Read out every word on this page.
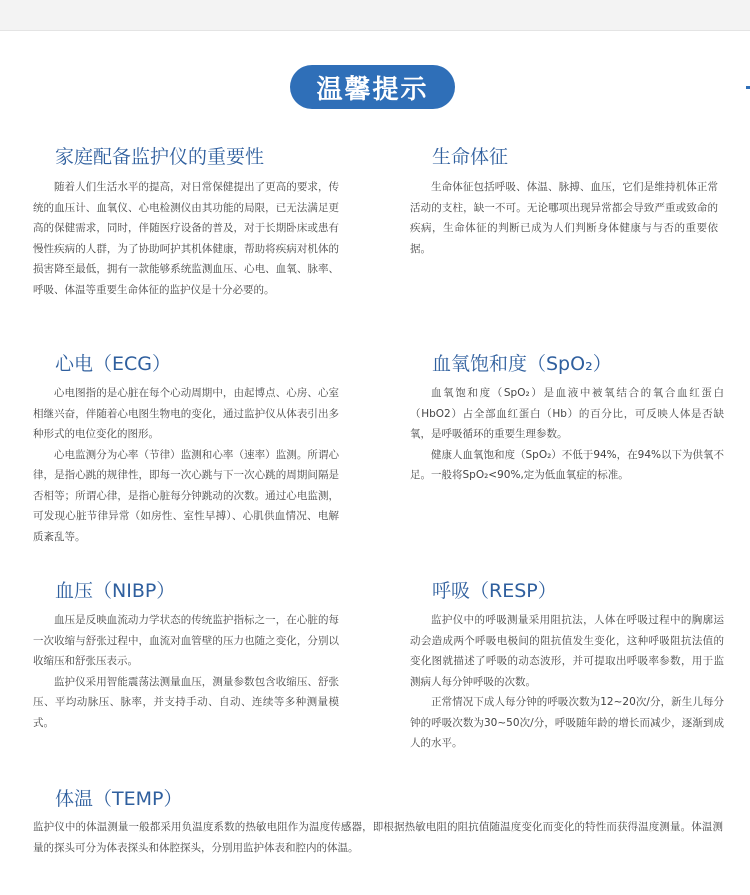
温馨提示
家庭配备监护仪的重要性

随着人们生活水平的提高，对日常保健提出了更高的要求，传统的血压计、血氧仪、心电检测仪由其功能的局限，已无法满足更高的保健需求，同时，伴随医疗设备的普及，对于长期卧床或患有慢性疾病的人群，为了协助呵护其机体健康，帮助将疾病对机体的损害降至最低，拥有一款能够系统监测血压、心电、血氧、脉率、呼吸、体温等重要生命体征的监护仪是十分必要的。

生命体征

生命体征包括呼吸、体温、脉搏、血压，它们是维持机体正常活动的支柱，缺一不可。无论哪项出现异常都会导致严重或致命的疾病，生命体征的判断已成为人们判断身体健康与与否的重要依据。

心电（ECG）

心电图指的是心脏在每个心动周期中，由起博点、心房、心室相继兴奋，伴随着心电图生物电的变化，通过监护仪从体表引出多种形式的电位变化的图形。

心电监测分为心率（节律）监测和心率（速率）监测。所谓心律，是指心跳的规律性，即每一次心跳与下一次心跳的周期间隔是否相等；所谓心律，是指心脏每分钟跳动的次数。通过心电监测，可发现心脏节律异常（如房性、室性早搏）、心肌供血情况、电解质紊乱等。

血氧饱和度（SpO₂）

血氧饱和度（SpO₂）是血液中被氧结合的氧合血红蛋白（HbO2）占全部血红蛋白（Hb）的百分比，可反映人体是否缺氧，是呼吸循环的重要生理参数。

健康人血氧饱和度（SpO₂）不低于94%，在94%以下为供氧不足。一般将SpO₂<90%,定为低血氧症的标准。

血压（NIBP）

血压是反映血流动力学状态的传统监护指标之一，在心脏的每一次收缩与舒张过程中，血流对血管壁的压力也随之变化，分别以收缩压和舒张压表示。

监护仪采用智能震荡法测量血压，测量参数包含收缩压、舒张压、平均动脉压、脉率，并支持手动、自动、连续等多种测量模式。

呼吸（RESP）

监护仪中的呼吸测量采用阻抗法，人体在呼吸过程中的胸廓运动会造成两个呼吸电极间的阻抗值发生变化，这种呼吸阻抗法值的变化图就描述了呼吸的动态波形，并可提取出呼吸率参数，用于监测病人每分钟呼吸的次数。

正常情况下成人每分钟的呼吸次数为12~20次/分，新生儿每分钟的呼吸次数为30~50次/分，呼吸随年龄的增长而减少，逐渐到成人的水平。

体温（TEMP）

监护仪中的体温测量一般都采用负温度系数的热敏电阻作为温度传感器，即根据热敏电阻的阻抗值随温度变化而变化的特性而获得温度测量。体温测量的探头可分为体表探头和体腔探头，分别用监护体表和腔内的体温。
